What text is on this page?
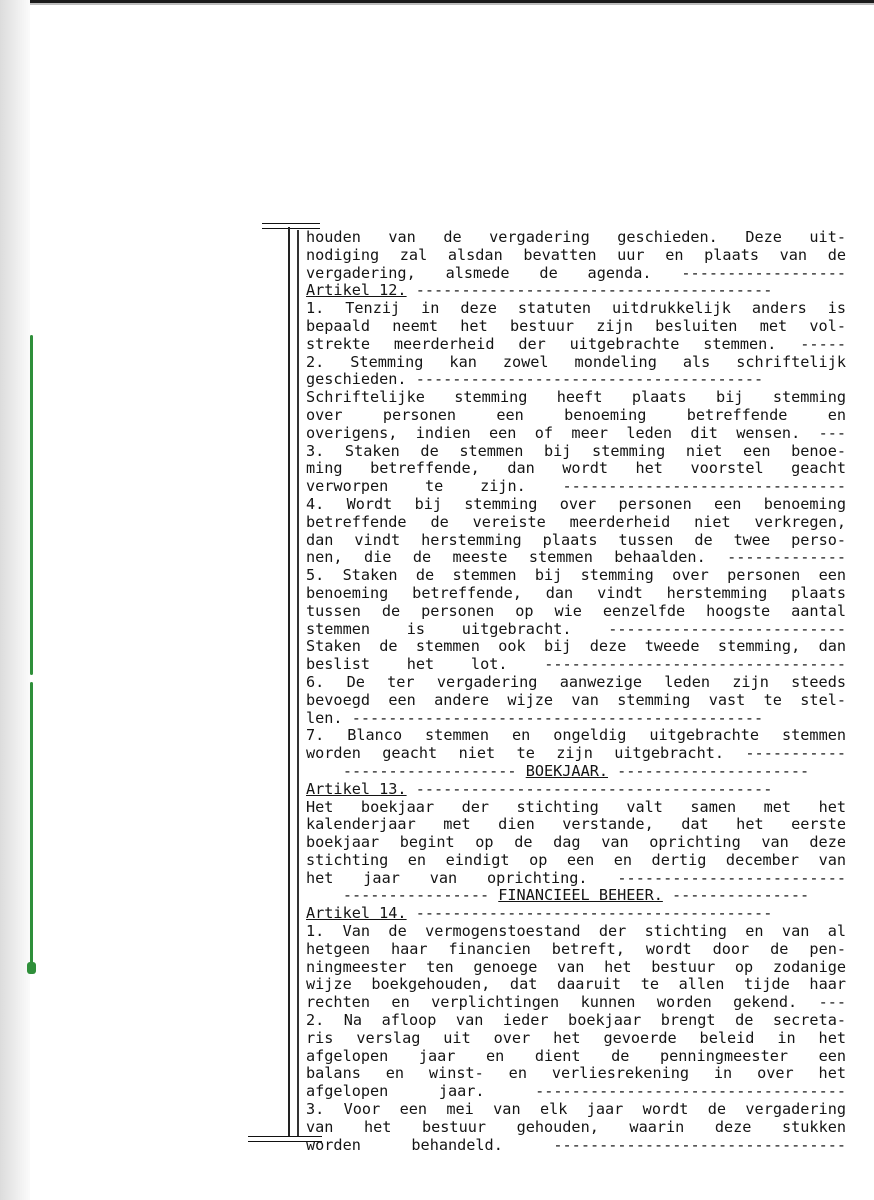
houden van de vergadering geschieden. Deze uit-
nodiging zal alsdan bevatten uur en plaats van de
vergadering, alsmede de agenda. ------------------
Artikel 12. ---------------------------------------
1. Tenzij in deze statuten uitdrukkelijk anders is
bepaald neemt het bestuur zijn besluiten met vol-
strekte meerderheid der uitgebrachte stemmen. -----
2. Stemming kan zowel mondeling als schriftelijk
geschieden. --------------------------------------
Schriftelijke stemming heeft plaats bij stemming
over personen een benoeming betreffende en
overigens, indien een of meer leden dit wensen. ---
3. Staken de stemmen bij stemming niet een benoe-
ming betreffende, dan wordt het voorstel geacht
verworpen te zijn. -------------------------------
4. Wordt bij stemming over personen een benoeming
betreffende de vereiste meerderheid niet verkregen,
dan vindt herstemming plaats tussen de twee perso-
nen, die de meeste stemmen behaalden. -------------
5. Staken de stemmen bij stemming over personen een
benoeming betreffende, dan vindt herstemming plaats
tussen de personen op wie eenzelfde hoogste aantal
stemmen is uitgebracht. --------------------------
Staken de stemmen ook bij deze tweede stemming, dan
beslist het lot. ---------------------------------
6. De ter vergadering aanwezige leden zijn steeds
bevoegd een andere wijze van stemming vast te stel-
len. ---------------------------------------------
7. Blanco stemmen en ongeldig uitgebrachte stemmen
worden geacht niet te zijn uitgebracht. -----------
------------------- BOEKJAAR. ---------------------
Artikel 13. ---------------------------------------
Het boekjaar der stichting valt samen met het
kalenderjaar met dien verstande, dat het eerste
boekjaar begint op de dag van oprichting van deze
stichting en eindigt op een en dertig december van
het jaar van oprichting. -------------------------
---------------- FINANCIEEL BEHEER. ---------------
Artikel 14. ---------------------------------------
1. Van de vermogenstoestand der stichting en van al
hetgeen haar financien betreft, wordt door de pen-
ningmeester ten genoege van het bestuur op zodanige
wijze boekgehouden, dat daaruit te allen tijde haar
rechten en verplichtingen kunnen worden gekend. ---
2. Na afloop van ieder boekjaar brengt de secreta-
ris verslag uit over het gevoerde beleid in het
afgelopen jaar en dient de penningmeester een
balans en winst- en verliesrekening in over het
afgelopen jaar. ----------------------------------
3. Voor een mei van elk jaar wordt de vergadering
van het bestuur gehouden, waarin deze stukken
worden behandeld. --------------------------------
